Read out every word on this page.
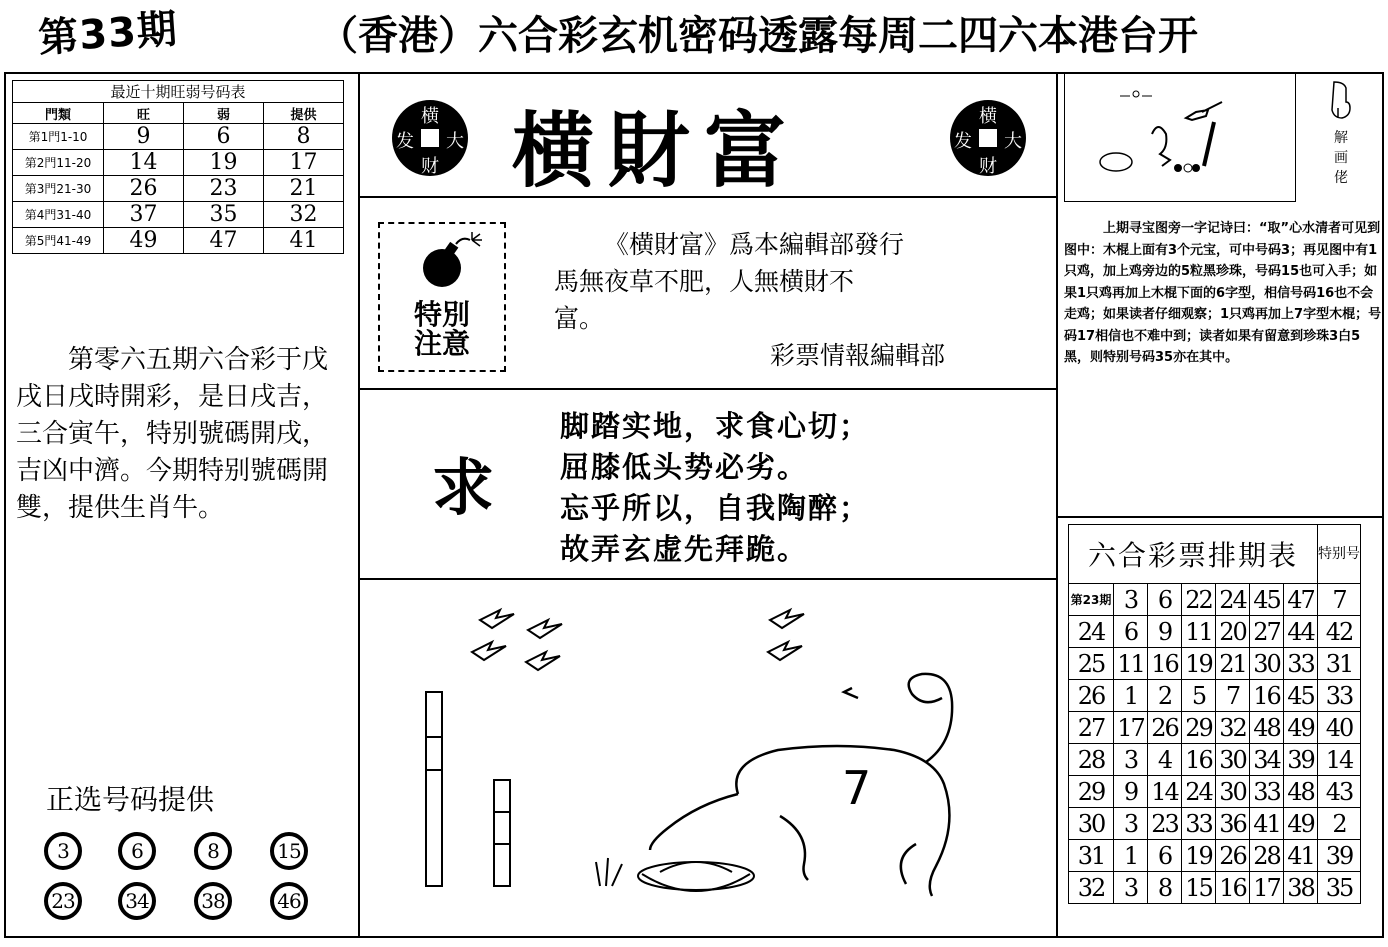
第33期	（香港）六合彩玄机密码透露每周二四六本港台开
最近十期旺弱号码表			
門類	旺	弱	提供
第1門1-10	9	6	8
第2門11-20	14	19	17
第3門21-30	26	23	21
第4門31-40	37	35	32
第5門41-49	49	47	41
第零六五期六合彩于戊戌日戌時開彩，是日戌吉，三合寅午，特别號碼開戌，吉凶中濟。今期特别號碼開雙，提供生肖牛。
正选号码提供
3	6	8	15
23	34	38	46
横
发 大
财 横財富	横
发 大
财
特別
注意
《横財富》爲本編輯部發行
馬無夜草不肥，人無横財不
富。
彩票情報編輯部
求
脚踏实地，求食心切；
屈膝低头势必劣。
忘乎所以，自我陶醉；
故弄玄虚先拜跪。
7
解画佬
上期寻宝图旁一字记诗曰：“取”心水清者可见到图中：木棍上面有3个元宝，可中号码3；再见图中有1只鸡，加上鸡旁边的5粒黑珍珠，号码15也可入手；如果1只鸡再加上木棍下面的6字型，相信号码16也不会走鸡；如果读者仔细观察；1只鸡再加上7字型木棍；号码17相信也不难中到；读者如果有留意到珍珠3白5黑，则特别号码35亦在其中。
六合彩票排期表							特别号
第23期	3	6	22	24	45	47	7
24	6	9	11	20	27	44	42
25	11	16	19	21	30	33	31
26	1	2	5	7	16	45	33
27	17	26	29	32	48	49	40
28	3	4	16	30	34	39	14
29	9	14	24	30	33	48	43
30	3	23	33	36	41	49	2
31	1	6	19	26	28	41	39
32	3	8	15	16	17	38	35
